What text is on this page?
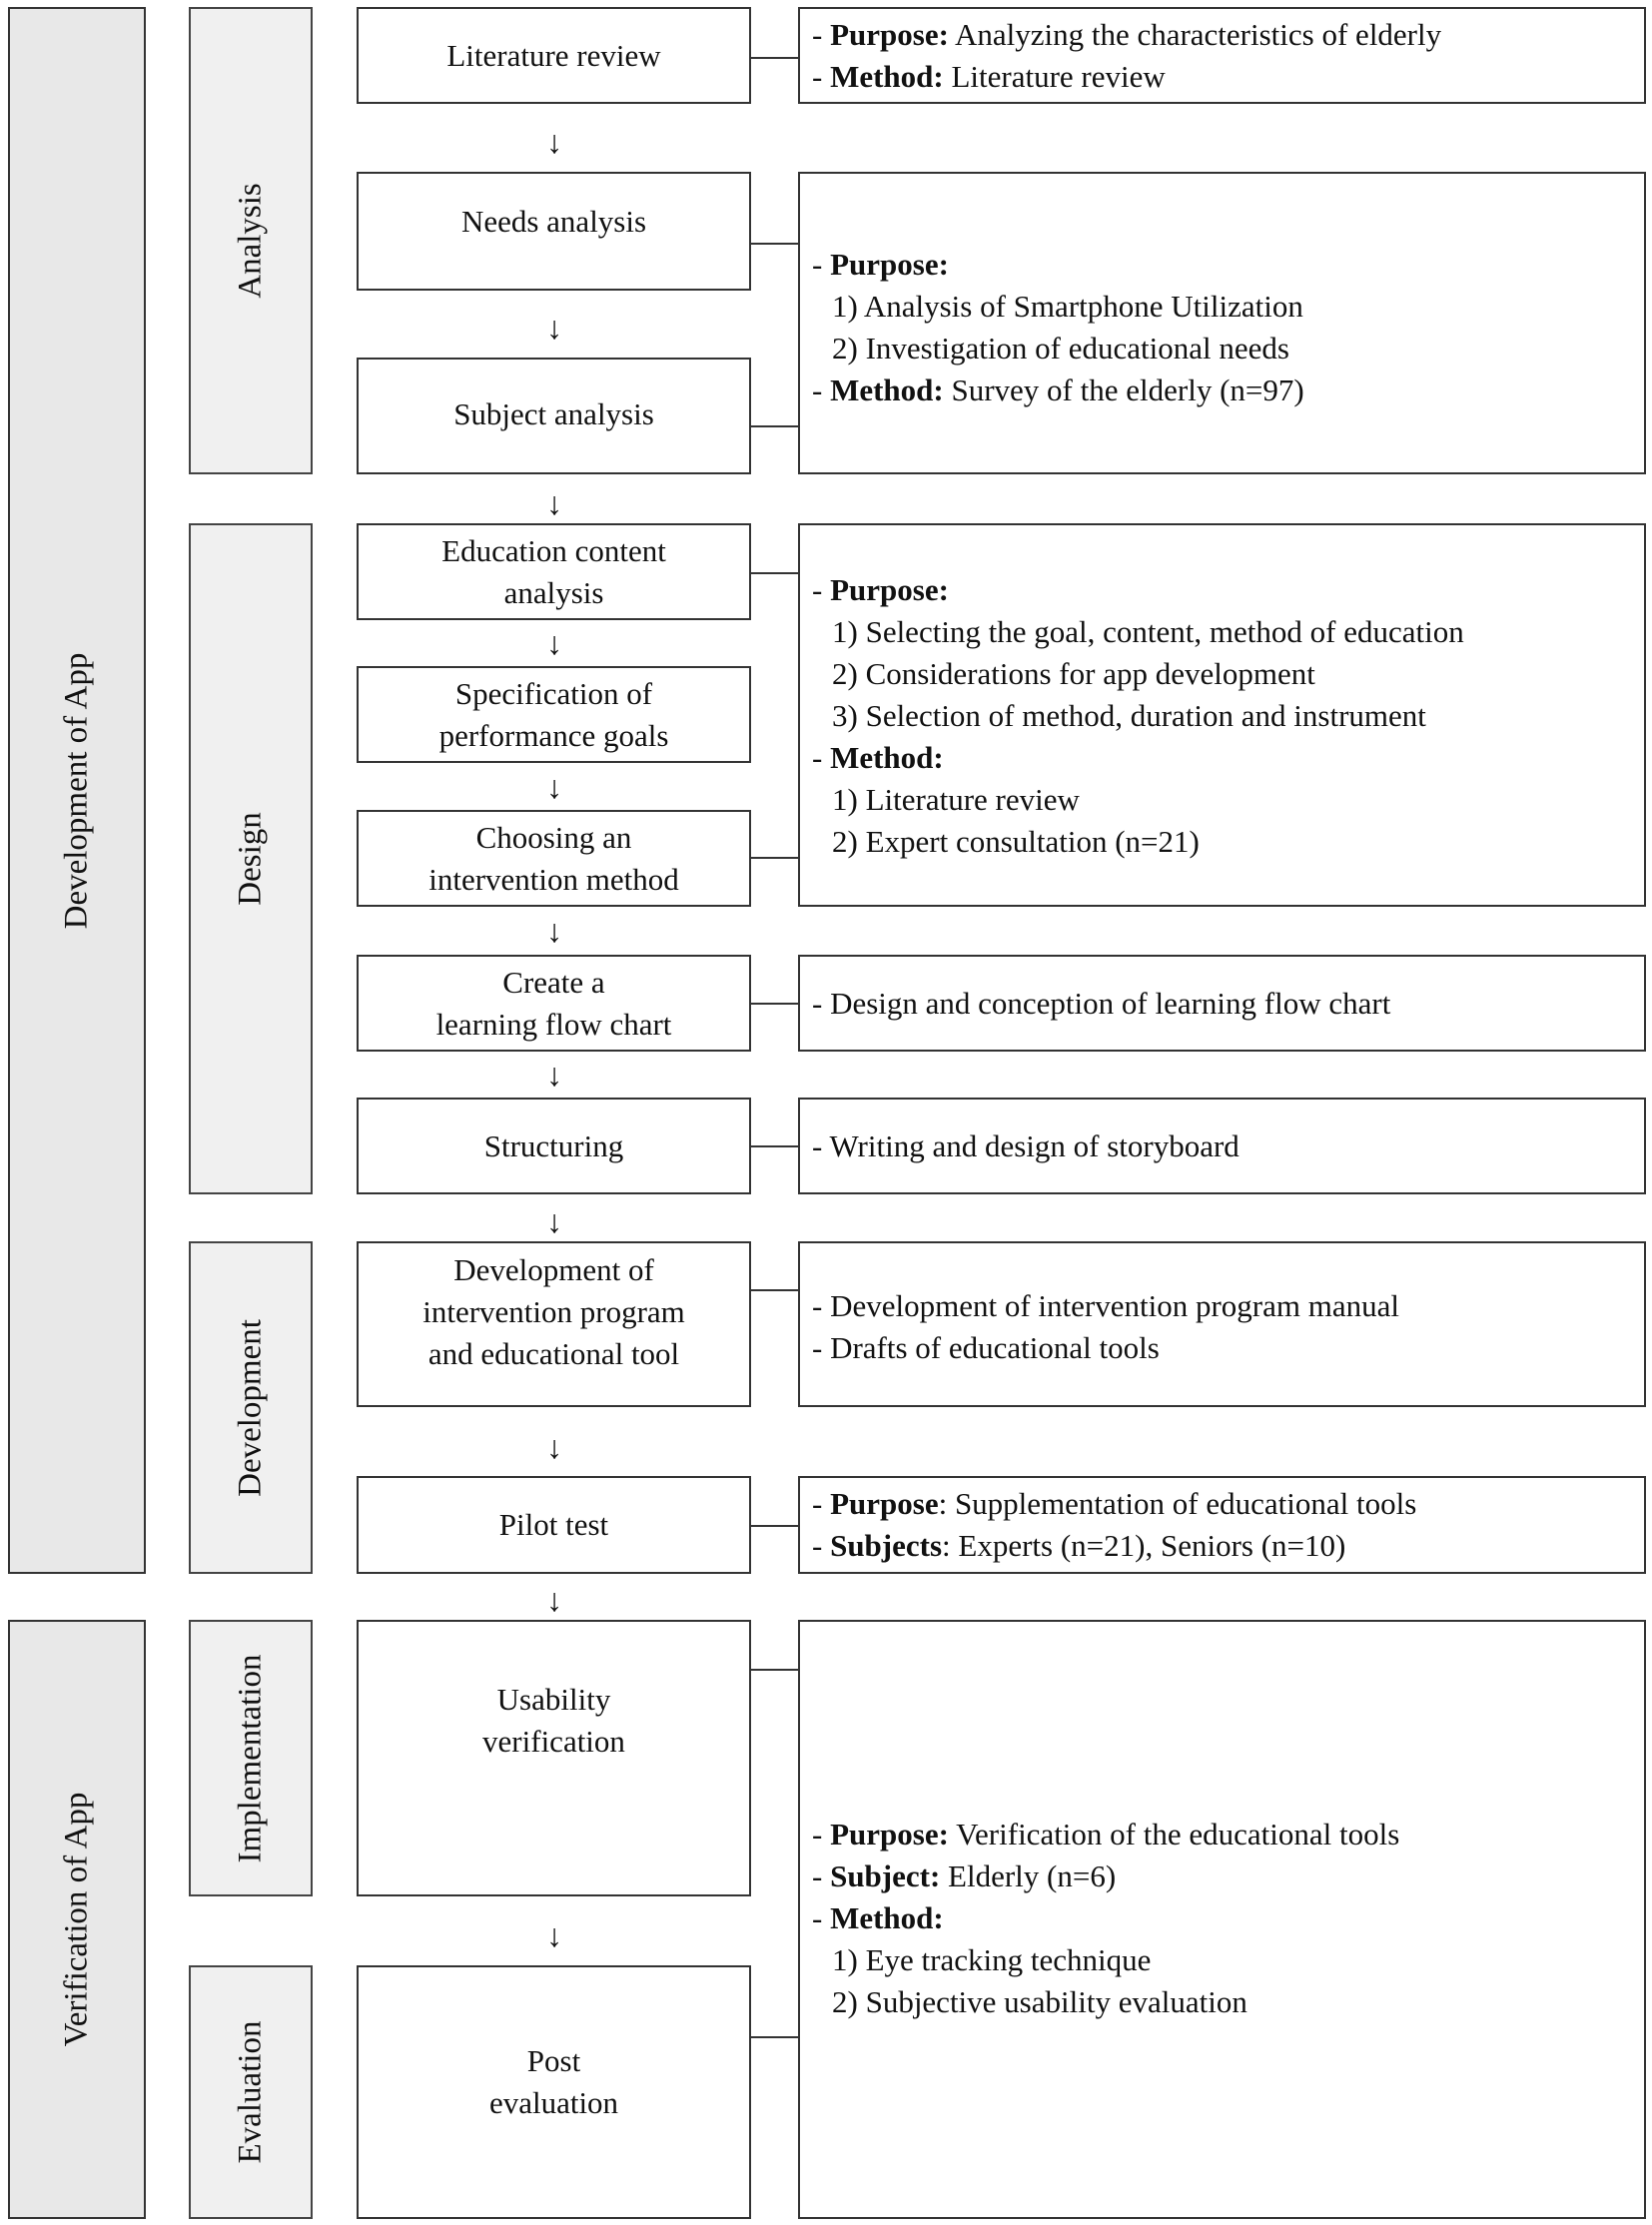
Development of App
Verification of App
Analysis
Design
Development
Implementation
Evaluation
Literature review
Needs analysis
Subject analysis
Education content
analysis
Specification of
performance goals
Choosing an
intervention method
Create a
learning flow chart
Structuring
Development of
intervention program
and educational tool
Pilot test
Usability
verification
Post
evaluation
↓
↓
↓
↓
↓
↓
↓
↓
↓
↓
↓
- Purpose: Analyzing the characteristics of elderly
- Method: Literature review
- Purpose:
1) Analysis of Smartphone Utilization
2) Investigation of educational needs
- Method: Survey of the elderly (n=97)
- Purpose:
1) Selecting the goal, content, method of education
2) Considerations for app development
3) Selection of method, duration and instrument
- Method:
1) Literature review
2) Expert consultation (n=21)
- Design and conception of learning flow chart
- Writing and design of storyboard
- Development of intervention program manual
- Drafts of educational tools
- Purpose: Supplementation of educational tools
- Subjects: Experts (n=21), Seniors (n=10)
- Purpose: Verification of the educational tools
- Subject: Elderly (n=6)
- Method:
1) Eye tracking technique
2) Subjective usability evaluation
